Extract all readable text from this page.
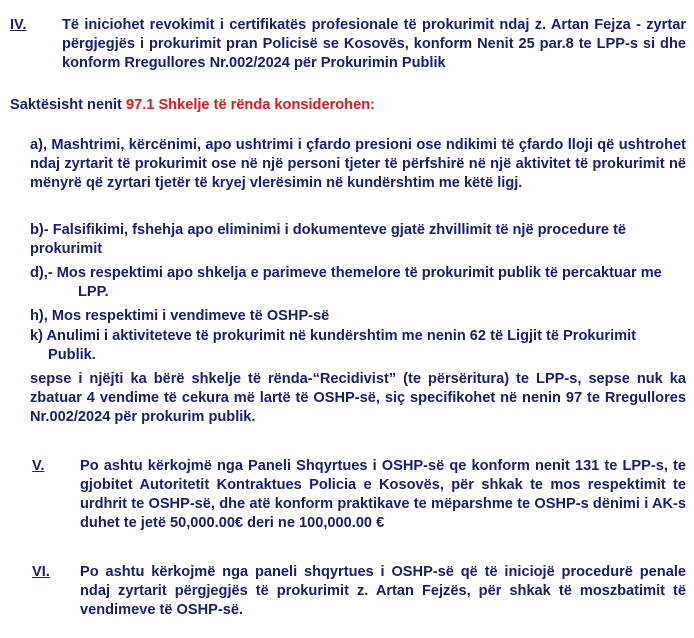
IV. Të iniciohet revokimit i certifikatës profesionale të prokurimit ndaj z. Artan Fejza - zyrtar përgjegjës i prokurimit pran Policisë se Kosovës, konform Nenit 25 par.8 te LPP-s si dhe konform Rregullores Nr.002/2024 për Prokurimin Publik
Saktësisht nenit 97.1 Shkelje të rënda konsiderohen:
a), Mashtrimi, kërcënimi, apo ushtrimi i çfardo presioni ose ndikimi të çfardo lloji që ushtrohet ndaj zyrtarit të prokurimit ose në një personi tjeter të përfshirë në një aktivitet të prokurimit në mënyrë që zyrtari tjetër të kryej vlerësimin në kundërshtim me këtë ligj.
b)- Falsifikimi, fshehja apo eliminimi i dokumenteve gjatë zhvillimit të një procedure të prokurimit
d),- Mos respektimi apo shkelja e parimeve themelore të prokurimit publik të percaktuar me LPP.
h), Mos respektimi i vendimeve të OSHP-së
k) Anulimi i aktiviteteve të prokurimit në kundërshtim me nenin 62 të Ligjit të Prokurimit Publik.
sepse i njëjti ka bërë shkelje të rënda-“Recidivist” (te përsëritura) te LPP-s, sepse nuk ka zbatuar 4 vendime të cekura më lartë të OSHP-së, siç specifikohet në nenin 97 te Rregullores Nr.002/2024 për prokurim publik.
V. Po ashtu kërkojmë nga Paneli Shqyrtues i OSHP-së qe konform nenit 131 te LPP-s, te gjobitet Autoritetit Kontraktues Policia e Kosovës, për shkak te mos respektimit te urdhrit te OSHP-së, dhe atë konform praktikave te mëparshme te OSHP-s dënimi i AK-s duhet te jetë 50,000.00€ deri ne 100,000.00 €
VI. Po ashtu kërkojmë nga paneli shqyrtues i OSHP-së që të iniciojë procedurë penale ndaj zyrtarit përgjegjës të prokurimit z. Artan Fejzës, për shkak të moszbatimit të vendimeve të OSHP-së.
